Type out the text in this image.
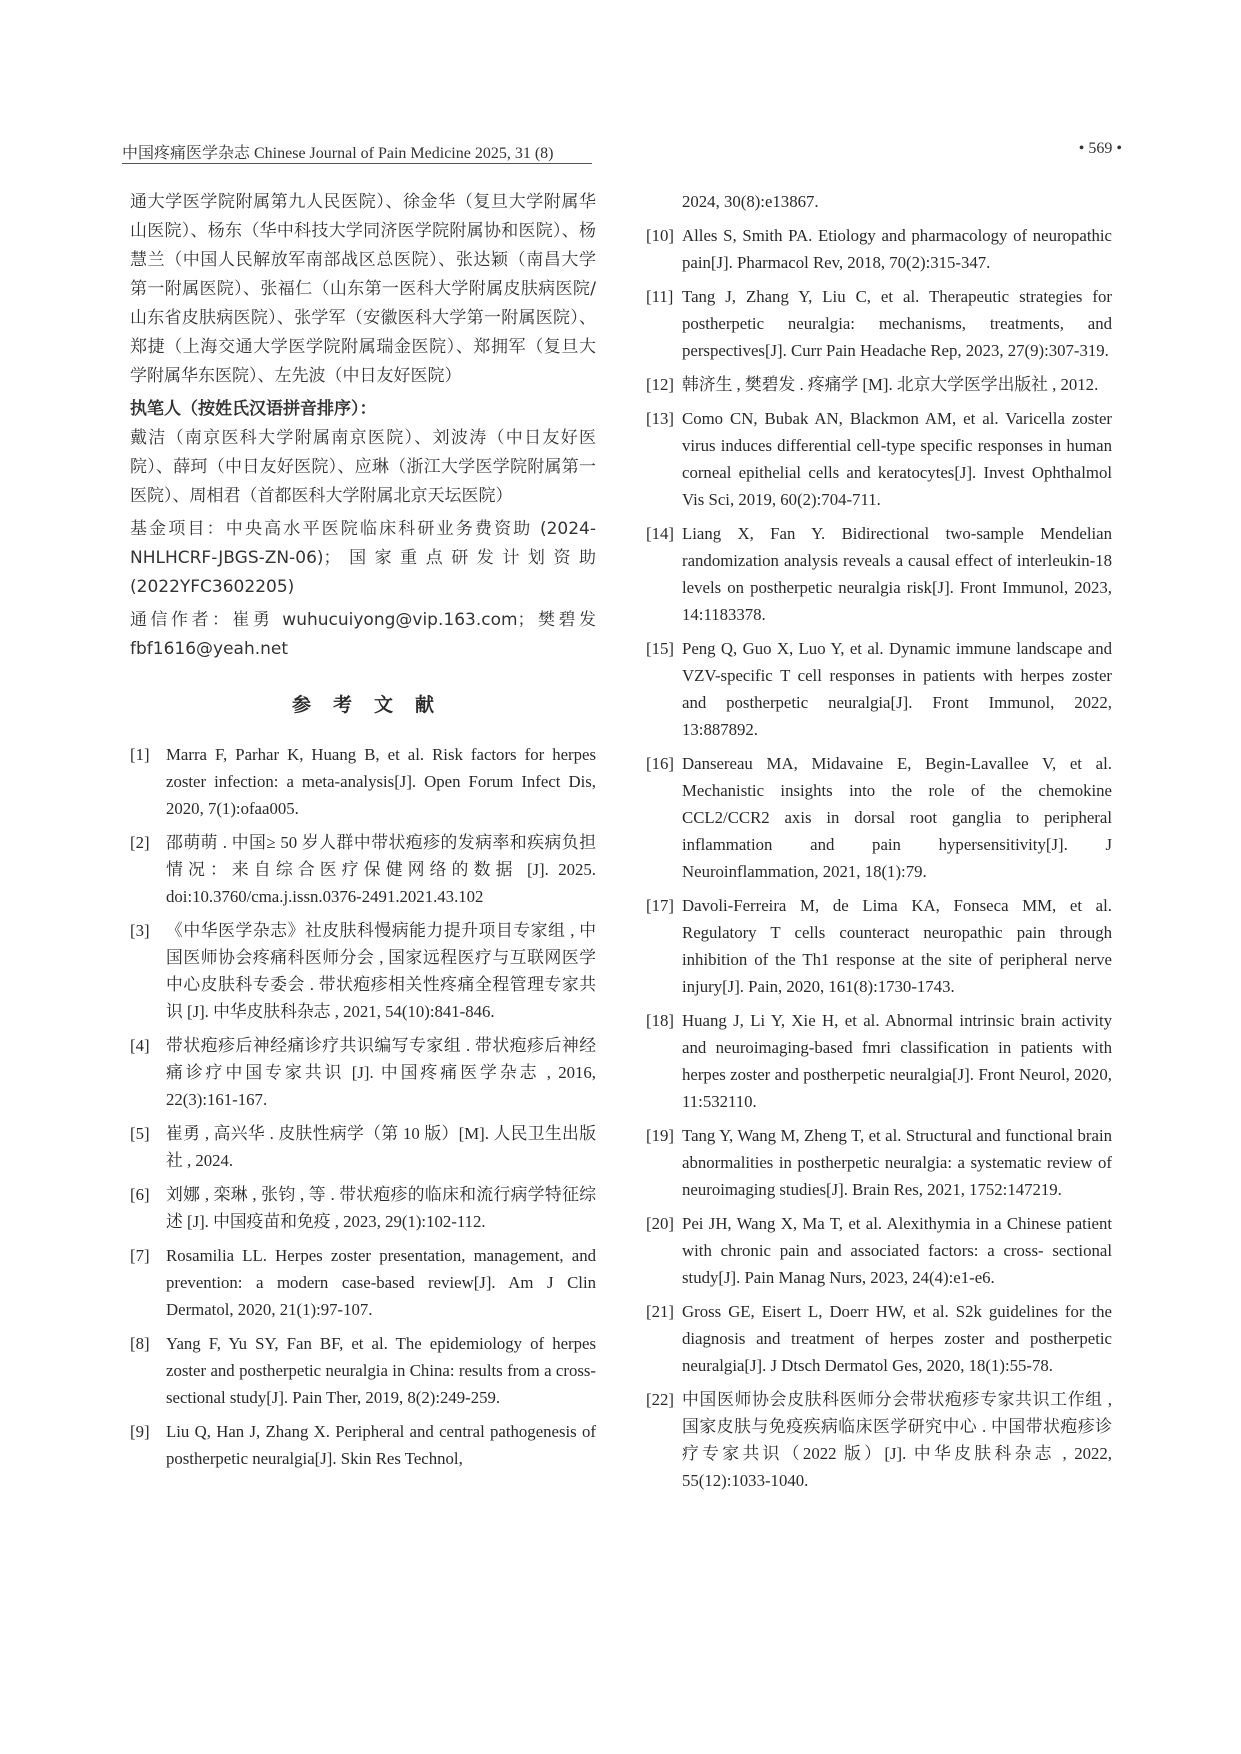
中国疼痛医学杂志 Chinese Journal of Pain Medicine 2025, 31 (8)	• 569 •

通大学医学院附属第九人民医院）、徐金华（复旦大学附属华山医院）、杨东（华中科技大学同济医学院附属协和医院）、杨慧兰（中国人民解放军南部战区总医院）、张达颖（南昌大学第一附属医院）、张福仁（山东第一医科大学附属皮肤病医院/山东省皮肤病医院）、张学军（安徽医科大学第一附属医院）、郑捷（上海交通大学医学院附属瑞金医院）、郑拥军（复旦大学附属华东医院）、左先波（中日友好医院）

执笔人（按姓氏汉语拼音排序）：

戴洁（南京医科大学附属南京医院）、刘波涛（中日友好医院）、薛珂（中日友好医院）、应琳（浙江大学医学院附属第一医院）、周相君（首都医科大学附属北京天坛医院）

基金项目：中央高水平医院临床科研业务费资助 (2024-NHLHCRF-JBGS-ZN-06)；国家重点研发计划资助 (2022YFC3602205)

通信作者：崔勇 wuhucuiyong@vip.163.com；樊碧发 fbf1616@yeah.net

参考文献
[1] Marra F, Parhar K, Huang B, et al. Risk factors for herpes zoster infection: a meta-analysis[J]. Open Forum Infect Dis, 2020, 7(1):ofaa005.
[2] 邵萌萌 . 中国≥ 50 岁人群中带状疱疹的发病率和疾病负担情况：来自综合医疗保健网络的数据 [J]. 2025. doi:10.3760/cma.j.issn.0376-2491.2021.43.102
[3] 《中华医学杂志》社皮肤科慢病能力提升项目专家组 , 中国医师协会疼痛科医师分会 , 国家远程医疗与互联网医学中心皮肤科专委会 . 带状疱疹相关性疼痛全程管理专家共识 [J]. 中华皮肤科杂志 , 2021, 54(10):841-846.
[4] 带状疱疹后神经痛诊疗共识编写专家组 . 带状疱疹后神经痛诊疗中国专家共识 [J]. 中国疼痛医学杂志 , 2016, 22(3):161-167.
[5] 崔勇 , 高兴华 . 皮肤性病学（第 10 版）[M]. 人民卫生出版社 , 2024.
[6] 刘娜 , 栾琳 , 张钧 , 等 . 带状疱疹的临床和流行病学特征综述 [J]. 中国疫苗和免疫 , 2023, 29(1):102-112.
[7] Rosamilia LL. Herpes zoster presentation, management, and prevention: a modern case-based review[J]. Am J Clin Dermatol, 2020, 21(1):97-107.
[8] Yang F, Yu SY, Fan BF, et al. The epidemiology of herpes zoster and postherpetic neuralgia in China: results from a cross-sectional study[J]. Pain Ther, 2019, 8(2):249-259.
[9] Liu Q, Han J, Zhang X. Peripheral and central pathogenesis of postherpetic neuralgia[J]. Skin Res Technol,
2024, 30(8):e13867.
[10] Alles S, Smith PA. Etiology and pharmacology of neuropathic pain[J]. Pharmacol Rev, 2018, 70(2):315-347.
[11] Tang J, Zhang Y, Liu C, et al. Therapeutic strategies for postherpetic neuralgia: mechanisms, treatments, and perspectives[J]. Curr Pain Headache Rep, 2023, 27(9):307-319.
[12] 韩济生 , 樊碧发 . 疼痛学 [M]. 北京大学医学出版社 , 2012.
[13] Como CN, Bubak AN, Blackmon AM, et al. Varicella zoster virus induces differential cell-type specific responses in human corneal epithelial cells and keratocytes[J]. Invest Ophthalmol Vis Sci, 2019, 60(2):704-711.
[14] Liang X, Fan Y. Bidirectional two-sample Mendelian randomization analysis reveals a causal effect of interleukin-18 levels on postherpetic neuralgia risk[J]. Front Immunol, 2023, 14:1183378.
[15] Peng Q, Guo X, Luo Y, et al. Dynamic immune landscape and VZV-specific T cell responses in patients with herpes zoster and postherpetic neuralgia[J]. Front Immunol, 2022, 13:887892.
[16] Dansereau MA, Midavaine E, Begin-Lavallee V, et al. Mechanistic insights into the role of the chemokine CCL2/CCR2 axis in dorsal root ganglia to peripheral inflammation and pain hypersensitivity[J]. J Neuroinflammation, 2021, 18(1):79.
[17] Davoli-Ferreira M, de Lima KA, Fonseca MM, et al. Regulatory T cells counteract neuropathic pain through inhibition of the Th1 response at the site of peripheral nerve injury[J]. Pain, 2020, 161(8):1730-1743.
[18] Huang J, Li Y, Xie H, et al. Abnormal intrinsic brain activity and neuroimaging-based fmri classification in patients with herpes zoster and postherpetic neuralgia[J]. Front Neurol, 2020, 11:532110.
[19] Tang Y, Wang M, Zheng T, et al. Structural and functional brain abnormalities in postherpetic neuralgia: a systematic review of neuroimaging studies[J]. Brain Res, 2021, 1752:147219.
[20] Pei JH, Wang X, Ma T, et al. Alexithymia in a Chinese patient with chronic pain and associated factors: a cross- sectional study[J]. Pain Manag Nurs, 2023, 24(4):e1-e6.
[21] Gross GE, Eisert L, Doerr HW, et al. S2k guidelines for the diagnosis and treatment of herpes zoster and postherpetic neuralgia[J]. J Dtsch Dermatol Ges, 2020, 18(1):55-78.
[22] 中国医师协会皮肤科医师分会带状疱疹专家共识工作组 , 国家皮肤与免疫疾病临床医学研究中心 . 中国带状疱疹诊疗专家共识（2022 版）[J]. 中华皮肤科杂志 , 2022, 55(12):1033-1040.
